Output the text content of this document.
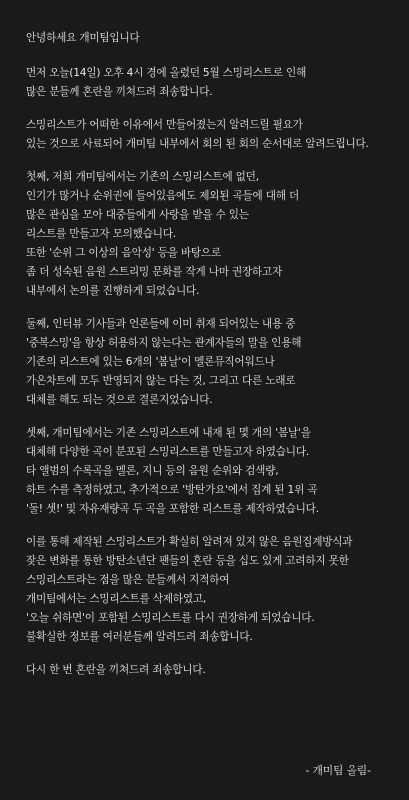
안녕하세요 개미팀입니다
먼저 오늘(14일) 오후 4시 경에 올렸던 5월 스밍리스트로 인해
많은 분들께 혼란을 끼쳐드려 죄송합니다.
스밍리스트가 어떠한 이유에서 만들어졌는지 알려드릴 필요가
있는 것으로 사료되어 개미팀 내부에서 회의 된 회의 순서대로 알려드립니다.
첫째, 저희 개미팀에서는 기존의 스밍리스트에 없던,
인기가 많거나 순위권에 들어있음에도 제외된 곡들에 대해 더
많은 관심을 모아 대중들에게 사랑을 받을 수 있는
리스트를 만들고자 모의했습니다.
또한 '순위 그 이상의 음악성' 등을 바탕으로
좀 더 성숙된 음원 스트리밍 문화를 작게 나마 권장하고자
내부에서 논의를 진행하게 되었습니다.
둘째, 인터뷰 기사들과 언론들에 이미 취재 되어있는 내용 중
'중복스밍'을 항상 허용하지 않는다는 관계자들의 말을 인용해
기존의 리스트에 있는 6개의 '봄날'이 멜론뮤직어워드나
가온차트에 모두 반영되지 않는 다는 것, 그리고 다른 노래로
대체를 해도 되는 것으로 결론지었습니다.
셋째, 개미팀에서는 기존 스밍리스트에 내재 된 몇 개의 '봄날'을
대체해 다양한 곡이 분포된 스밍리스트를 만들고자 하였습니다.
타 앨범의 수록곡을 멜론, 지니 등의 음원 순위와 검색량,
하트 수를 측정하였고, 추가적으로 '방탄가요'에서 집계 된 1위 곡
'둘! 셋!' 및 자유재량곡 두 곡을 포함한 리스트를 제작하였습니다.
이를 통해 제작된 스밍리스트가 확실히 알려져 있지 않은 음원집계방식과
잦은 변화를 통한 방탄소년단 팬들의 혼란 등을 십도 있게 고려하지 못한
스밍리스트라는 점을 많은 분들께서 지적하여
개미팀에서는 스밍리스트를 삭제하였고,
'오늘 쉬하면'이 포함된 스밍리스트를 다시 권장하게 되었습니다.
불확실한 정보를 여러분들께 알려드려 죄송합니다.
다시 한 번 혼란을 끼쳐드려 죄송합니다.
- 개미팀 올림-
